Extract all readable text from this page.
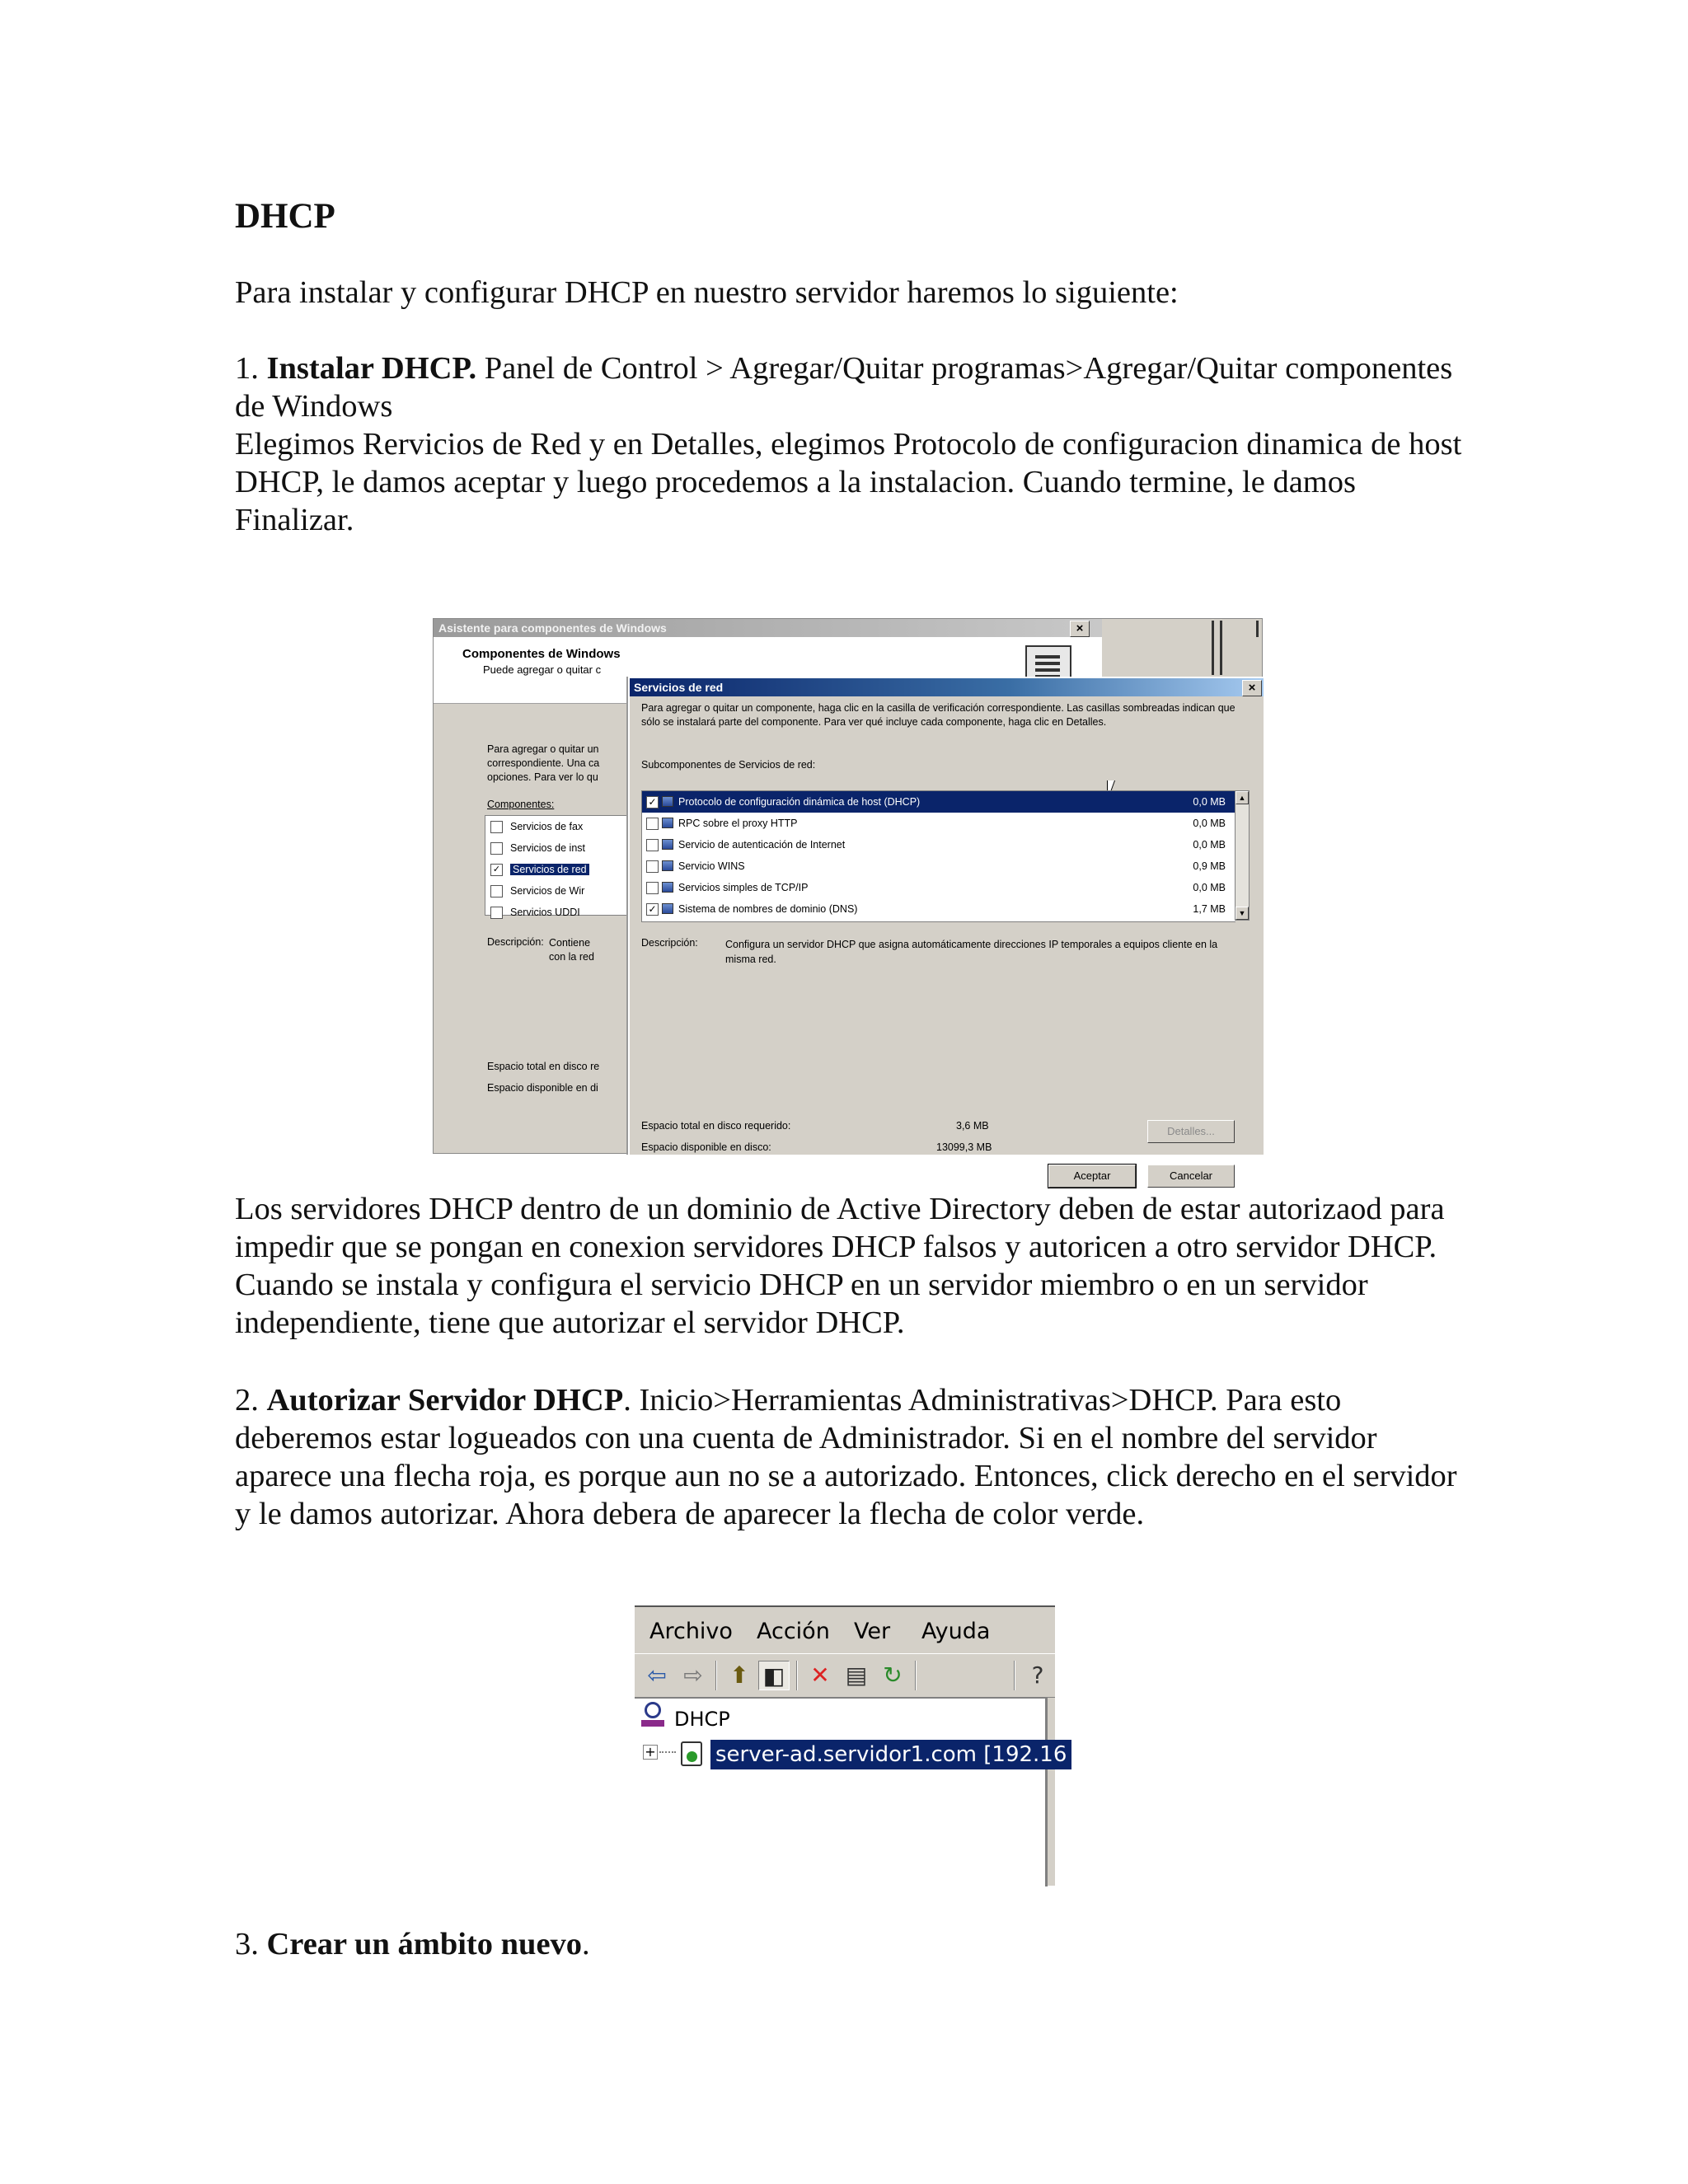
DHCP

Para instalar y configurar DHCP en nuestro servidor haremos lo siguiente:

1. Instalar DHCP. Panel de Control > Agregar/Quitar programas>Agregar/Quitar componentes de Windows
Elegimos Rervicios de Red y en Detalles, elegimos Protocolo de configuracion dinamica de host DHCP, le damos aceptar y luego procedemos a la instalacion. Cuando termine, le damos Finalizar.

Asistente para componentes de Windows	×
Componentes de Windows
Puede agregar o quitar c
Para agregar o quitar un correspondiente. Una ca opciones. Para ver lo qu
Componentes:
Servicios de fax
Servicios de inst
✓ Servicios de red
Servicios de Wir
Servicios UDDI
Descripción: Contiene con la red
Espacio total en disco re
Espacio disponible en di
Servicios de red	×
Para agregar o quitar un componente, haga clic en la casilla de verificación correspondiente. Las casillas sombreadas indican que sólo se instalará parte del componente. Para ver qué incluye cada componente, haga clic en Detalles.
Subcomponentes de Servicios de red:
✓ Protocolo de configuración dinámica de host (DHCP)	0,0 MB
RPC sobre el proxy HTTP	0,0 MB
Servicio de autenticación de Internet	0,0 MB
Servicio WINS	0,9 MB
Servicios simples de TCP/IP	0,0 MB
✓ Sistema de nombres de dominio (DNS)	1,7 MB
▲
▼
Descripción:	Configura un servidor DHCP que asigna automáticamente direcciones IP temporales a equipos cliente en la misma red.
Espacio total en disco requerido:	3,6 MB
Espacio disponible en disco:	13099,3 MB
Detalles...
Aceptar	Cancelar

Los servidores DHCP dentro de un dominio de Active Directory deben de estar autorizaod para impedir que se pongan en conexion servidores DHCP falsos y autoricen a otro servidor DHCP. Cuando se instala y configura el servicio DHCP en un servidor miembro o en un servidor independiente, tiene que autorizar el servidor DHCP.

2. Autorizar Servidor DHCP. Inicio>Herramientas Administrativas>DHCP. Para esto deberemos estar logueados con una cuenta de Administrador. Si en el nombre del servidor aparece una flecha roja, es porque aun no se a autorizado. Entonces, click derecho en el servidor y le damos autorizar. Ahora debera de aparecer la flecha de color verde.

Archivo Acción Ver Ayuda
⇦ ⇨ ⬆ ◧ ✕ ▤ ↻	?
DHCP
+	server-ad.servidor1.com [192.16

3. Crear un ámbito nuevo.
